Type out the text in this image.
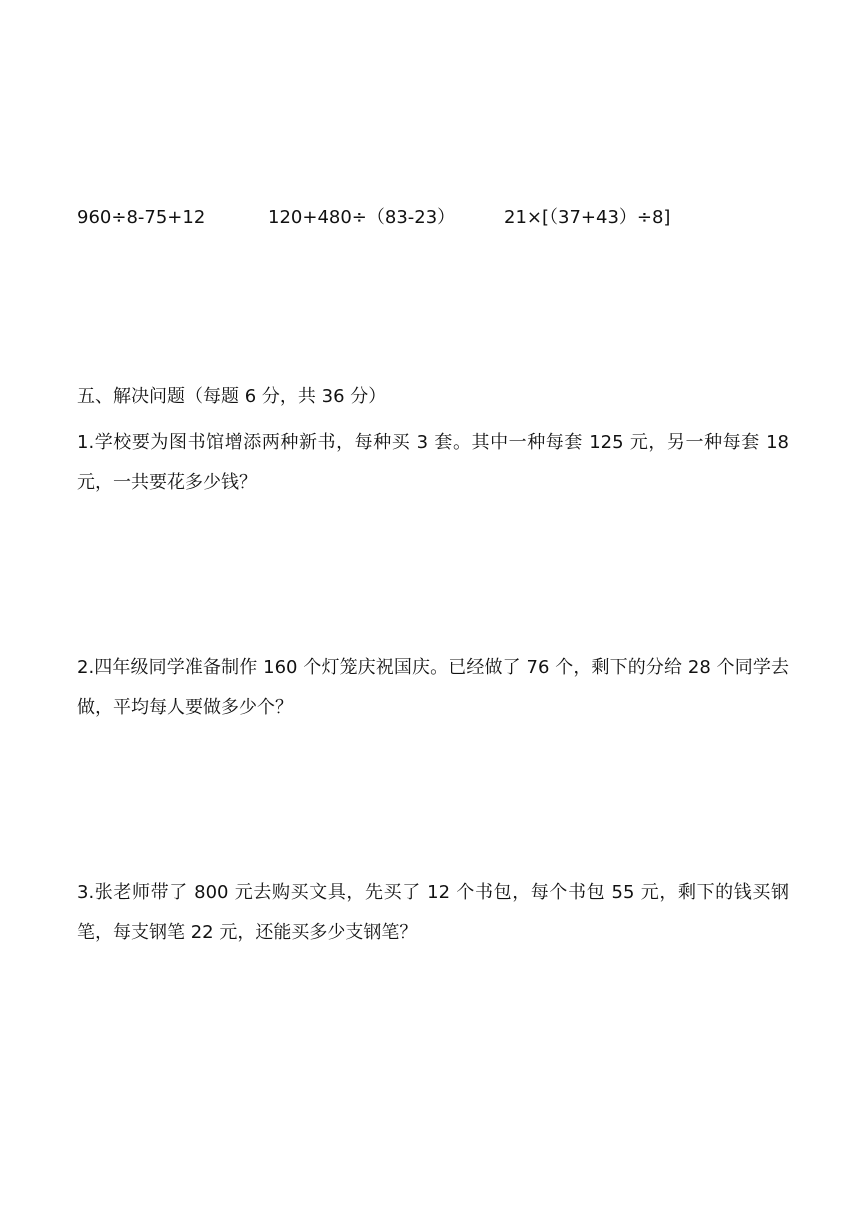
960÷8-75+12	120+480÷（83-23）	21×[（37+43）÷8]
五、解决问题（每题 6 分，共 36 分）
1.学校要为图书馆增添两种新书，每种买 3 套。其中一种每套 125 元，另一种每套 18 元，一共要花多少钱？
2.四年级同学准备制作 160 个灯笼庆祝国庆。已经做了 76 个，剩下的分给 28 个同学去做，平均每人要做多少个？
3.张老师带了 800 元去购买文具，先买了 12 个书包，每个书包 55 元，剩下的钱买钢笔，每支钢笔 22 元，还能买多少支钢笔？
